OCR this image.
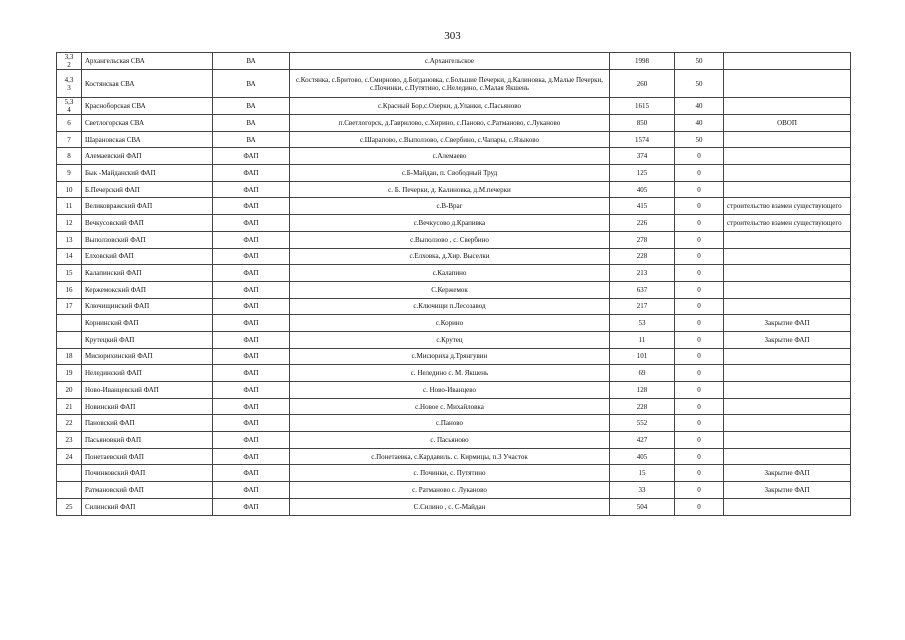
303
3,3
2	Архангельская СВА	ВА	с.Архангельское	1998	50	
4,3
3	Костянская СВА	ВА	с.Костянка, с.Бритово, с.Смирново, д.Богдановка, с.Большие Печерки, д.Калиновка, д.Малые Печерки, с.Починки, с.Путятино, с.Неледино, с.Малая Якшень	260	50	
5,3
4	Красноборская СВА	ВА	с.Красный Бор,с.Озерки, д.Уланки, с.Пасьяново	1615	40	
6	Светлогорская СВА	ВА	п.Светлогорск, д.Гаврилово, с.Хирино, с.Паново, с.Ратманово, с.Луканово	850	40	ОВОП
7	Шарановская СВА	ВА	с.Шарапово, с.Выползово, с.Свербино, с.Чапары, с.Языково	1574	50	
8	Алемаевский ФАП	ФАП	с.Алемаево	374	0	
9	Бык -Майданский ФАП	ФАП	с.Б-Майдан, п. Свободный Труд	125	0	
10	Б.Печерский ФАП	ФАП	с. Б. Печерки, д. Калиновка, д.М.печерки	405	0	
11	Великовражский ФАП	ФАП	с.В-Враг	415	0	строительство взамен существующего
12	Вечкусовский ФАП	ФАП	с.Вечкусово д.Крапивка	226	0	строительство взамен существующего
13	Выползовский ФАП	ФАП	с.Выползово , с. Свербино	278	0	
14	Елховский ФАП	ФАП	с.Елховка, д.Хир. Выселки	228	0	
15	Калапинский ФАП	ФАП	с.Калапино	213	0	
16	Кержемокский ФАП	ФАП	С.Кержемок	637	0	
17	Ключищинский ФАП	ФАП	с.Ключищи п.Лесозавод	217	0	
	Корнинский ФАП	ФАП	с.Корино	53	0	Закрытие ФАП
	Крутецкий ФАП	ФАП	с.Крутец	11	0	Закрытие ФАП
18	Мисюрихинский ФАП	ФАП	с.Мисюриха д.Трянгувин	101	0	
19	Нелединский ФАП	ФАП	с. Неледино с. М. Якшень	69	0	
20	Ново-Иванцевский ФАП	ФАП	с. Ново-Иванцево	128	0	
21	Новинский ФАП	ФАП	с.Новое с. Михайловка	228	0	
22	Пановский ФАП	ФАП	с.Паново	552	0	
23	Пасьяновкий ФАП	ФАП	с. Пасьяново	427	0	
24	Понетаевский ФАП	ФАП	с.Понетаевка, с.Кардавиль. с. Кирмицы, п.3 Участок	405	0	
	Починковский ФАП	ФАП	с. Починки, с. Путятино	15	0	Закрытие ФАП
	Ратмановский ФАП	ФАП	с. Ратманово с. Луканово	33	0	Закрытие ФАП
25	Силинский ФАП	ФАП	С.Силино , с. С-Майдан	504	0	
